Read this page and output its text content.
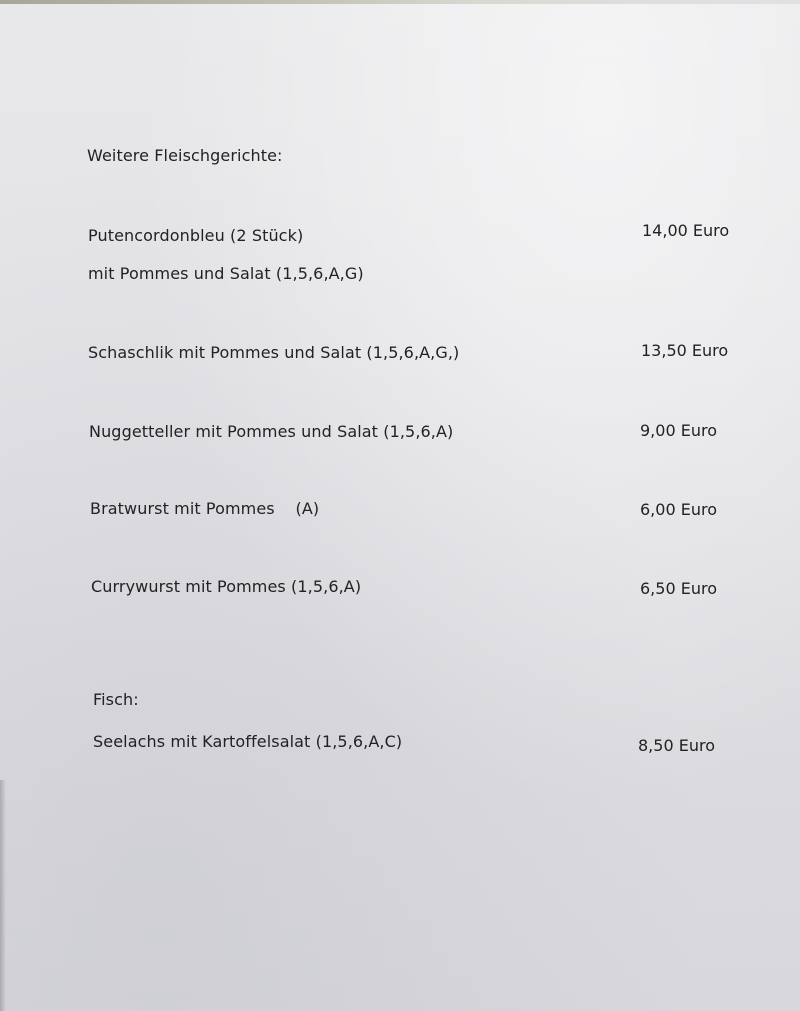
Weitere Fleischgerichte:
Putencordonbleu (2 Stück)
mit Pommes und Salat (1,5,6,A,G)
14,00 Euro
Schaschlik mit Pommes und Salat (1,5,6,A,G,)	13,50 Euro
Nuggetteller mit Pommes und Salat (1,5,6,A)	9,00 Euro
Bratwurst mit Pommes    (A)	6,00 Euro
Currywurst mit Pommes (1,5,6,A)	6,50 Euro
Fisch:
Seelachs mit Kartoffelsalat (1,5,6,A,C)	8,50 Euro
